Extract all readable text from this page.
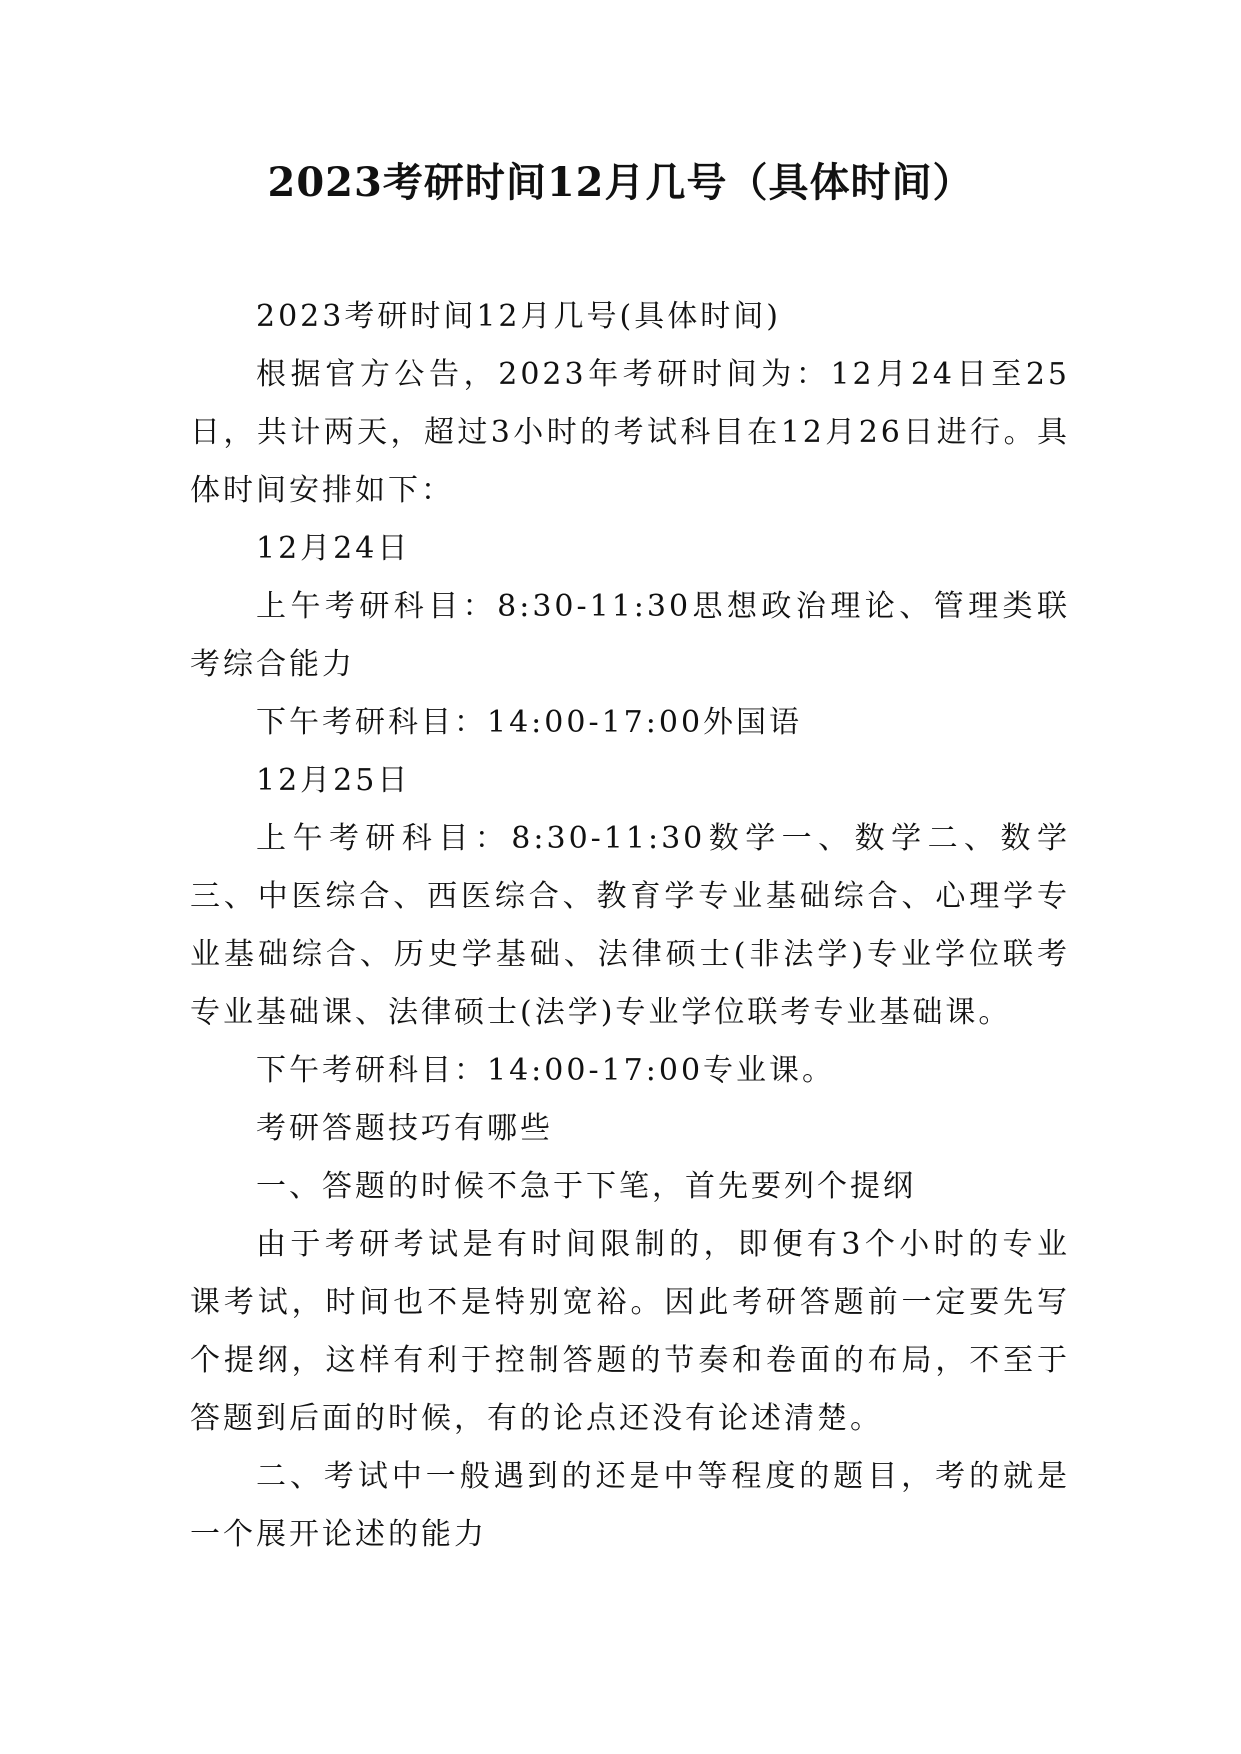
2023考研时间12月几号（具体时间）

2023考研时间12月几号(具体时间)

根据官方公告，2023年考研时间为：12月24日至25日，共计两天，超过3小时的考试科目在12月26日进行。具体时间安排如下：

12月24日

上午考研科目：8:30-11:30思想政治理论、管理类联考综合能力

下午考研科目：14:00-17:00外国语

12月25日

上午考研科目：8:30-11:30数学一、数学二、数学三、中医综合、西医综合、教育学专业基础综合、心理学专业基础综合、历史学基础、法律硕士(非法学)专业学位联考专业基础课、法律硕士(法学)专业学位联考专业基础课。

下午考研科目：14:00-17:00专业课。

考研答题技巧有哪些

一、答题的时候不急于下笔，首先要列个提纲

由于考研考试是有时间限制的，即便有3个小时的专业课考试，时间也不是特别宽裕。因此考研答题前一定要先写个提纲，这样有利于控制答题的节奏和卷面的布局，不至于答题到后面的时候，有的论点还没有论述清楚。

二、考试中一般遇到的还是中等程度的题目，考的就是一个展开论述的能力
